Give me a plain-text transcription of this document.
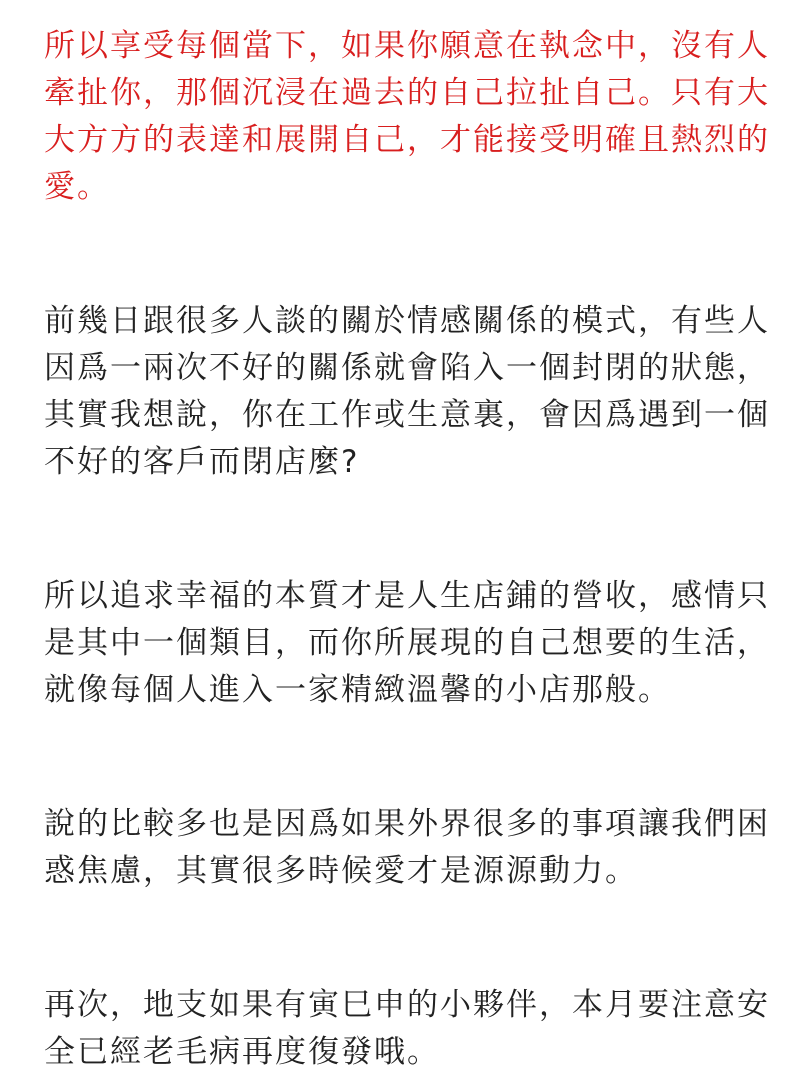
所以享受每個當下，如果你願意在執念中，沒有人
牽扯你，那個沉浸在過去的自己拉扯自己。只有大
大方方的表達和展開自己，才能接受明確且熱烈的
愛。

前幾日跟很多人談的關於情感關係的模式，有些人
因爲一兩次不好的關係就會陷入一個封閉的狀態，
其實我想說，你在工作或生意裏，會因爲遇到一個
不好的客戶而閉店麼?

所以追求幸福的本質才是人生店鋪的營收，感情只
是其中一個類目，而你所展現的自己想要的生活，
就像每個人進入一家精緻溫馨的小店那般。

說的比較多也是因爲如果外界很多的事項讓我們困
惑焦慮，其實很多時候愛才是源源動力。

再次，地支如果有寅巳申的小夥伴，本月要注意安
全已經老毛病再度復發哦。
